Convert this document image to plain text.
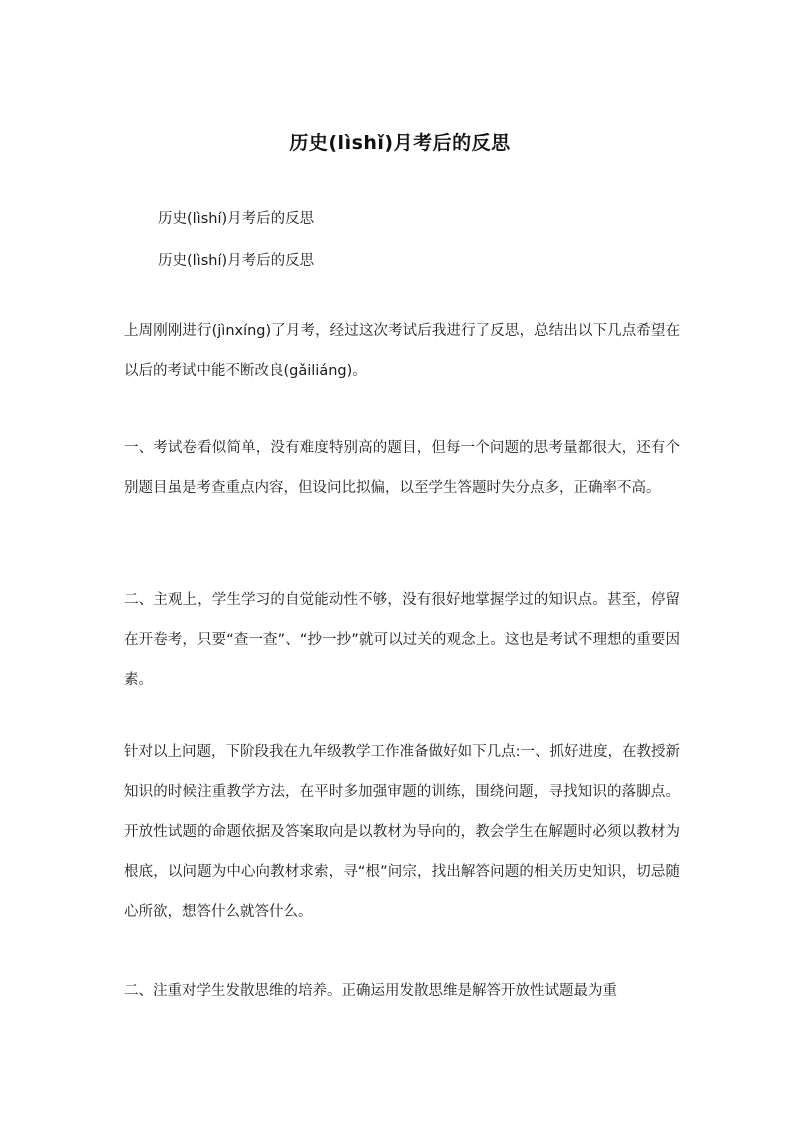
历史(lìshǐ)月考后的反思
历史(lìshí)月考后的反思
历史(lìshí)月考后的反思

上周刚刚进行(jìnxíng)了月考，经过这次考试后我进行了反思，总结出以下几点希望在以后的考试中能不断改良(gǎiliáng)。

一、考试卷看似简单，没有难度特别高的题目，但每一个问题的思考量都很大，还有个别题目虽是考查重点内容，但设问比拟偏，以至学生答题时失分点多，正确率不高。

二、主观上，学生学习的自觉能动性不够，没有很好地掌握学过的知识点。甚至，停留在开卷考，只要“查一查”、“抄一抄”就可以过关的观念上。这也是考试不理想的重要因素。

针对以上问题，下阶段我在九年级教学工作准备做好如下几点:一、抓好进度，在教授新知识的时候注重教学方法，在平时多加强审题的训练，围绕问题，寻找知识的落脚点。开放性试题的命题依据及答案取向是以教材为导向的，教会学生在解题时必须以教材为根底，以问题为中心向教材求索，寻“根”问宗，找出解答问题的相关历史知识，切忌随心所欲，想答什么就答什么。

二、注重对学生发散思维的培养。正确运用发散思维是解答开放性试题最为重
